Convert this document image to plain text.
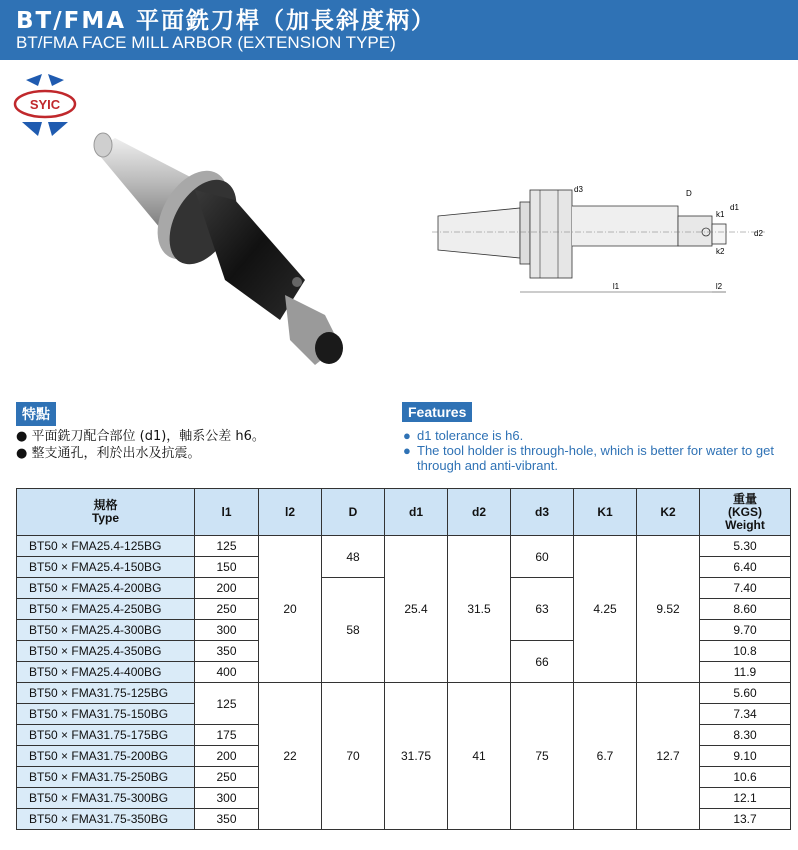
BT/FMA 平面銑刀桿（加長斜度柄）
BT/FMA FACE MILL ARBOR (EXTENSION TYPE)
SYIC
l1	l2
d3	D
k1
d1
d2
k2
特點	Features
● 平面銑刀配合部位 (d1)，軸系公差 h6。
● 整支通孔，利於出水及抗震。
● d1 tolerance is h6.
● The tool holder is through-hole, which is better for water to get through and anti-vibrant.
規格
Type	l1	l2	D	d1	d2	d3	K1	K2	重量
(KGS)
Weight
BT50 × FMA25.4-125BG	125	20	48	25.4	31.5	60	4.25	9.52	5.30
BT50 × FMA25.4-150BG	150								6.40
BT50 × FMA25.4-200BG	200		58			63			7.40
BT50 × FMA25.4-250BG	250								8.60
BT50 × FMA25.4-300BG	300								9.70
BT50 × FMA25.4-350BG	350					66			10.8
BT50 × FMA25.4-400BG	400								11.9
BT50 × FMA31.75-125BG	125	22	70	31.75	41	75	6.7	12.7	5.60
BT50 × FMA31.75-150BG									7.34
BT50 × FMA31.75-175BG	175								8.30
BT50 × FMA31.75-200BG	200								9.10
BT50 × FMA31.75-250BG	250								10.6
BT50 × FMA31.75-300BG	300								12.1
BT50 × FMA31.75-350BG	350								13.7
